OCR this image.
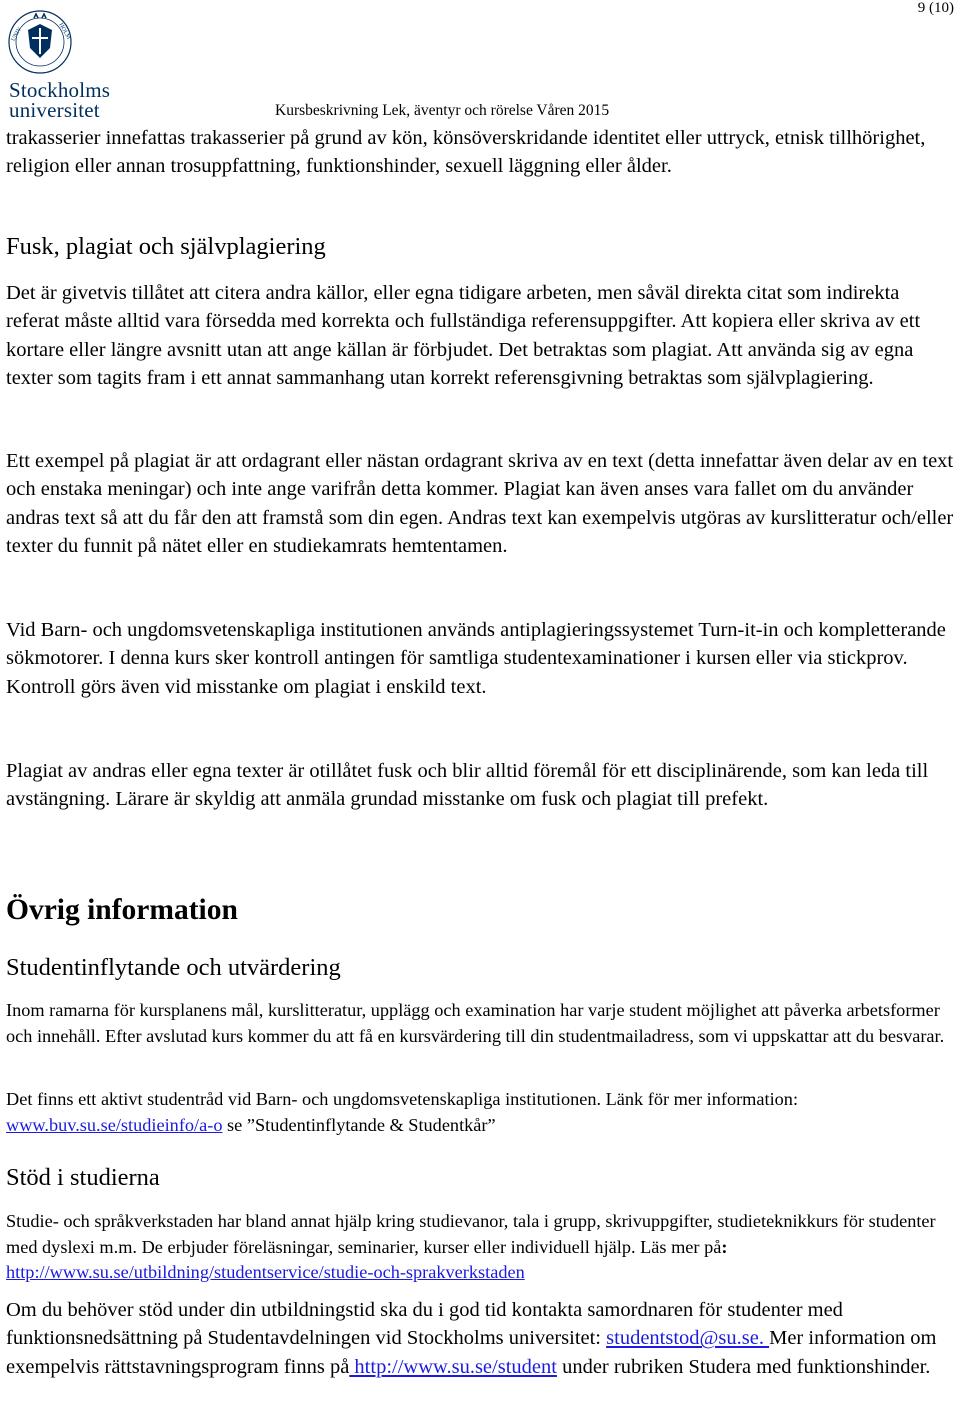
UNIV	HOLM
Stockholms
universitet
9 (10)
Kursbeskrivning Lek, äventyr och rörelse Våren 2015
trakasserier innefattas trakasserier på grund av kön, könsöverskridande identitet eller uttryck, etnisk tillhörighet, religion eller annan trosuppfattning, funktionshinder, sexuell läggning eller ålder.
Fusk, plagiat och självplagiering
Det är givetvis tillåtet att citera andra källor, eller egna tidigare arbeten, men såväl direkta citat som indirekta referat måste alltid vara försedda med korrekta och fullständiga referensuppgifter. Att kopiera eller skriva av ett kortare eller längre avsnitt utan att ange källan är förbjudet. Det betraktas som plagiat. Att använda sig av egna texter som tagits fram i ett annat sammanhang utan korrekt referensgivning betraktas som självplagiering.
Ett exempel på plagiat är att ordagrant eller nästan ordagrant skriva av en text (detta innefattar även delar av en text och enstaka meningar) och inte ange varifrån detta kommer. Plagiat kan även anses vara fallet om du använder andras text så att du får den att framstå som din egen. Andras text kan exempelvis utgöras av kurslitteratur och/eller texter du funnit på nätet eller en studiekamrats hemtentamen.
Vid Barn- och ungdomsvetenskapliga institutionen används antiplagieringssystemet Turn-it-in och kompletterande sökmotorer. I denna kurs sker kontroll antingen för samtliga studentexaminationer i kursen eller via stickprov. Kontroll görs även vid misstanke om plagiat i enskild text.
Plagiat av andras eller egna texter är otillåtet fusk och blir alltid föremål för ett disciplinärende, som kan leda till avstängning. Lärare är skyldig att anmäla grundad misstanke om fusk och plagiat till prefekt.
Övrig information
Studentinflytande och utvärdering
Inom ramarna för kursplanens mål, kurslitteratur, upplägg och examination har varje student möjlighet att påverka arbetsformer och innehåll. Efter avslutad kurs kommer du att få en kursvärdering till din studentmailadress, som vi uppskattar att du besvarar.
Det finns ett aktivt studentråd vid Barn- och ungdomsvetenskapliga institutionen. Länk för mer information: www.buv.su.se/studieinfo/a-o se ”Studentinflytande & Studentkår”
Stöd i studierna
Studie- och språkverkstaden har bland annat hjälp kring studievanor, tala i grupp, skrivuppgifter, studieteknikkurs för studenter med dyslexi m.m. De erbjuder föreläsningar, seminarier, kurser eller individuell hjälp. Läs mer på: http://www.su.se/utbildning/studentservice/studie-och-sprakverkstaden
Om du behöver stöd under din utbildningstid ska du i god tid kontakta samordnaren för studenter med funktionsnedsättning på Studentavdelningen vid Stockholms universitet: studentstod@su.se. Mer information om exempelvis rättstavningsprogram finns på http://www.su.se/student under rubriken Studera med funktionshinder.
